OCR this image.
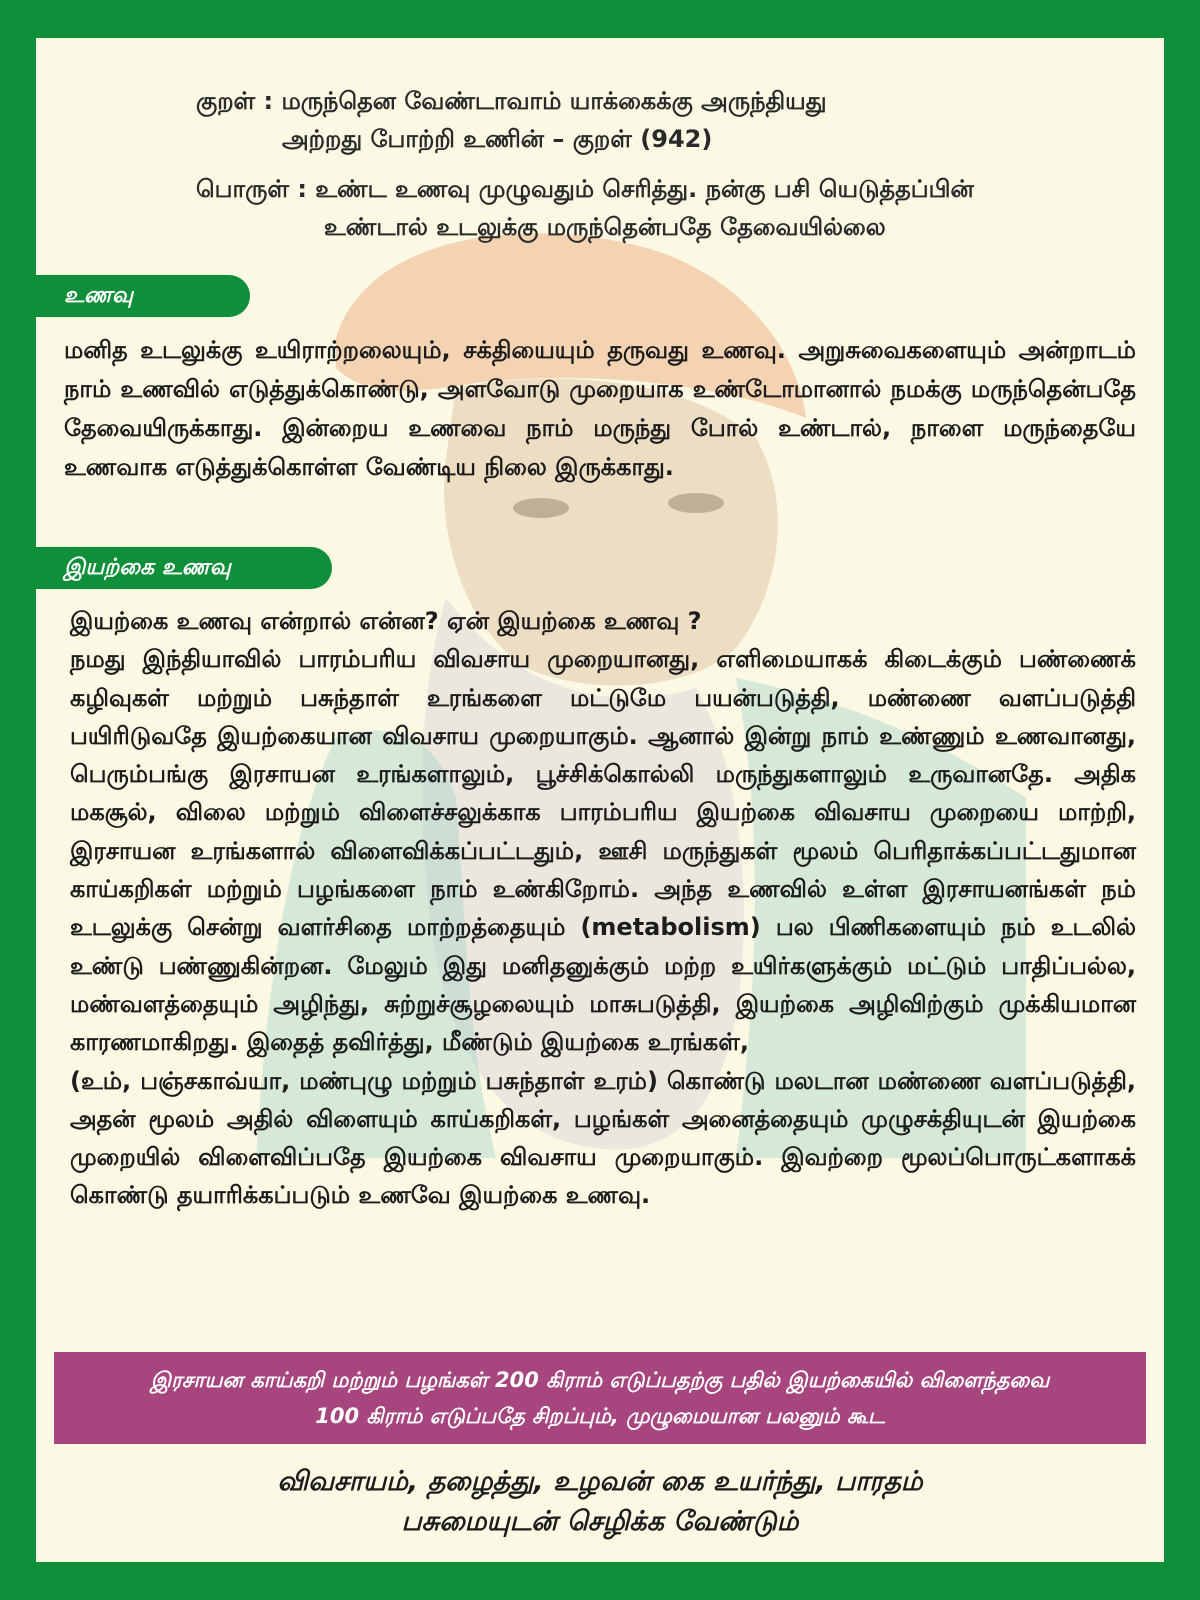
குறள் : மருந்தென வேண்டாவாம் யாக்கைக்கு அருந்தியது
அற்றது போற்றி உணின் – குறள் (942)
பொருள் : உண்ட உணவு முழுவதும் செரித்து. நன்கு பசி யெடுத்தப்பின்
உண்டால் உடலுக்கு மருந்தென்பதே தேவையில்லை
உணவு
மனித உடலுக்கு உயிராற்றலையும், சக்தியையும் தருவது உணவு. அறுசுவைகளையும் அன்றாடம் நாம் உணவில் எடுத்துக்கொண்டு, அளவோடு முறையாக உண்டோமானால் நமக்கு மருந்தென்பதே தேவையிருக்காது. இன்றைய உணவை நாம் மருந்து போல் உண்டால், நாளை மருந்தையே உணவாக எடுத்துக்கொள்ள வேண்டிய நிலை இருக்காது.
இயற்கை உணவு
இயற்கை உணவு என்றால் என்ன? ஏன் இயற்கை உணவு ?
நமது இந்தியாவில் பாரம்பரிய விவசாய முறையானது, எளிமையாகக் கிடைக்கும் பண்ணைக் கழிவுகள் மற்றும் பசுந்தாள் உரங்களை மட்டுமே பயன்படுத்தி, மண்ணை வளப்படுத்தி பயிரிடுவதே இயற்கையான விவசாய முறையாகும். ஆனால் இன்று நாம் உண்ணும் உணவானது, பெரும்பங்கு இரசாயன உரங்களாலும், பூச்சிக்கொல்லி மருந்துகளாலும் உருவானதே. அதிக மகசூல், விலை மற்றும் விளைச்சலுக்காக பாரம்பரிய இயற்கை விவசாய முறையை மாற்றி, இரசாயன உரங்களால் விளைவிக்கப்பட்டதும், ஊசி மருந்துகள் மூலம் பெரிதாக்கப்பட்டதுமான காய்கறிகள் மற்றும் பழங்களை நாம் உண்கிறோம். அந்த உணவில் உள்ள இரசாயனங்கள் நம் உடலுக்கு சென்று வளர்சிதை மாற்றத்தையும் (metabolism) பல பிணிகளையும் நம் உடலில் உண்டு பண்ணுகின்றன. மேலும் இது மனிதனுக்கும் மற்ற உயிர்களுக்கும் மட்டும் பாதிப்பல்ல, மண்வளத்தையும் அழிந்து, சுற்றுச்சூழலையும் மாசுபடுத்தி, இயற்கை அழிவிற்கும் முக்கியமான காரணமாகிறது. இதைத் தவிர்த்து, மீண்டும் இயற்கை உரங்கள்,
(உம், பஞ்சகாவ்யா, மண்புழு மற்றும் பசுந்தாள் உரம்) கொண்டு மலடான மண்ணை வளப்படுத்தி, அதன் மூலம் அதில் விளையும் காய்கறிகள், பழங்கள் அனைத்தையும் முழுசக்தியுடன் இயற்கை முறையில் விளைவிப்பதே இயற்கை விவசாய முறையாகும். இவற்றை மூலப்பொருட்களாகக் கொண்டு தயாரிக்கப்படும் உணவே இயற்கை உணவு.
இரசாயன காய்கறி மற்றும் பழங்கள் 200 கிராம் எடுப்பதற்கு பதில் இயற்கையில் விளைந்தவை
100 கிராம் எடுப்பதே சிறப்பும், முழுமையான பலனும் கூட
விவசாயம், தழைத்து, உழவன் கை உயர்ந்து, பாரதம்
பசுமையுடன் செழிக்க வேண்டும்
